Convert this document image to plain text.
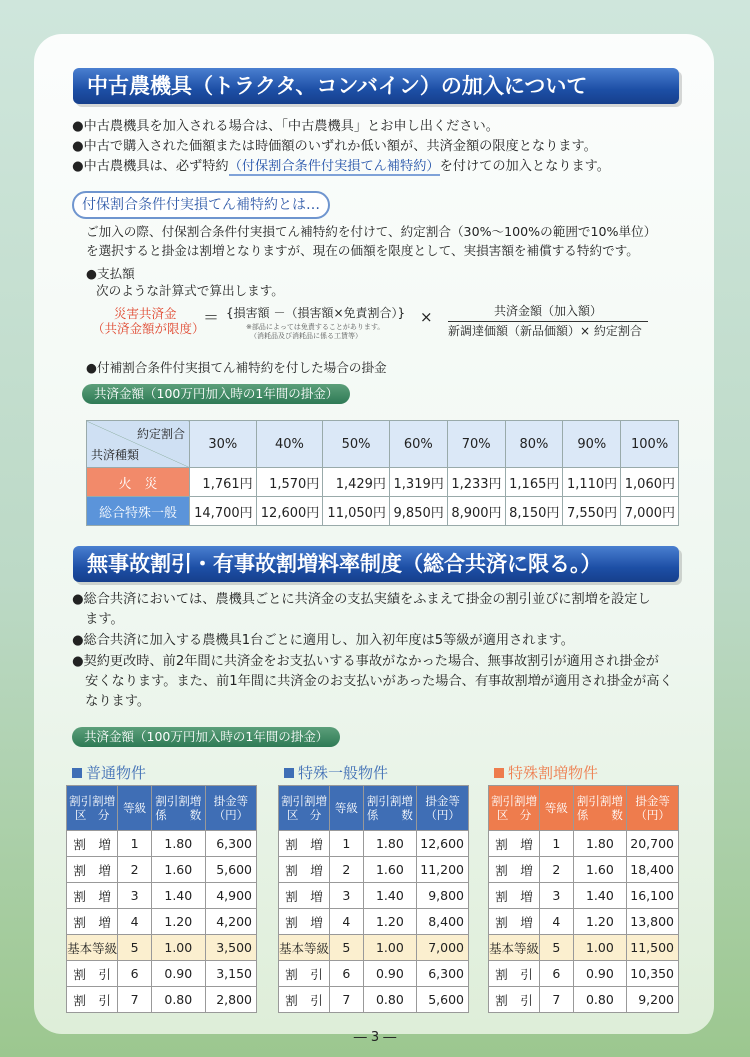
中古農機具（トラクタ、コンバイン）の加入について
●中古農機具を加入される場合は、「中古農機具」とお申し出ください。
●中古で購入された価額または時価額のいずれか低い額が、共済金額の限度となります。
●中古農機具は、必ず特約（付保割合条件付実損てん補特約）を付けての加入となります。
付保割合条件付実損てん補特約とは…
ご加入の際、付保割合条件付実損てん補特約を付けて、約定割合（30%～100%の範囲で10%単位）
を選択すると掛金は割増となりますが、現在の価額を限度として、実損害額を補償する特約です。
●支払額
次のような計算式で算出します。
災害共済金
（共済金額が限度）
＝ {損害額 －（損害額×免責割合）}
※部品によっては免責することがあります。
（消耗品及び消耗品に係る工賃等）
×	共済金額（加入額）
新調達価額（新品価額）× 約定割合
●付補割合条件付実損てん補特約を付した場合の掛金
共済金額（100万円加入時の1年間の掛金）
約定割合
共済種類	30%	40%	50%	60%	70%	80%	90%	100%
火　災	1,761円	1,570円	1,429円	1,319円	1,233円	1,165円	1,110円	1,060円
総合特殊一般	14,700円	12,600円	11,050円	9,850円	8,900円	8,150円	7,550円	7,000円
無事故割引・有事故割増料率制度（総合共済に限る。）
●総合共済においては、農機具ごとに共済金の支払実績をふまえて掛金の割引並びに割増を設定し
　ます。
●総合共済に加入する農機具1台ごとに適用し、加入初年度は5等級が適用されます。
●契約更改時、前2年間に共済金をお支払いする事故がなかった場合、無事故割引が適用され掛金が
　安くなります。また、前1年間に共済金のお支払いがあった場合、有事故割増が適用され掛金が高く
　なります。
共済金額（100万円加入時の1年間の掛金）
普通物件
割引割増
区　分	等級	割引割増
係　　数	掛金等
（円）
割　増	1	1.80	6,300
割　増	2	1.60	5,600
割　増	3	1.40	4,900
割　増	4	1.20	4,200
基本等級	5	1.00	3,500
割　引	6	0.90	3,150
割　引	7	0.80	2,800
特殊一般物件
割引割増
区　分	等級	割引割増
係　　数	掛金等
（円）
割　増	1	1.80	12,600
割　増	2	1.60	11,200
割　増	3	1.40	9,800
割　増	4	1.20	8,400
基本等級	5	1.00	7,000
割　引	6	0.90	6,300
割　引	7	0.80	5,600
特殊割増物件
割引割増
区　分	等級	割引割増
係　　数	掛金等
（円）
割　増	1	1.80	20,700
割　増	2	1.60	18,400
割　増	3	1.40	16,100
割　増	4	1.20	13,800
基本等級	5	1.00	11,500
割　引	6	0.90	10,350
割　引	7	0.80	9,200
― 3 ―
